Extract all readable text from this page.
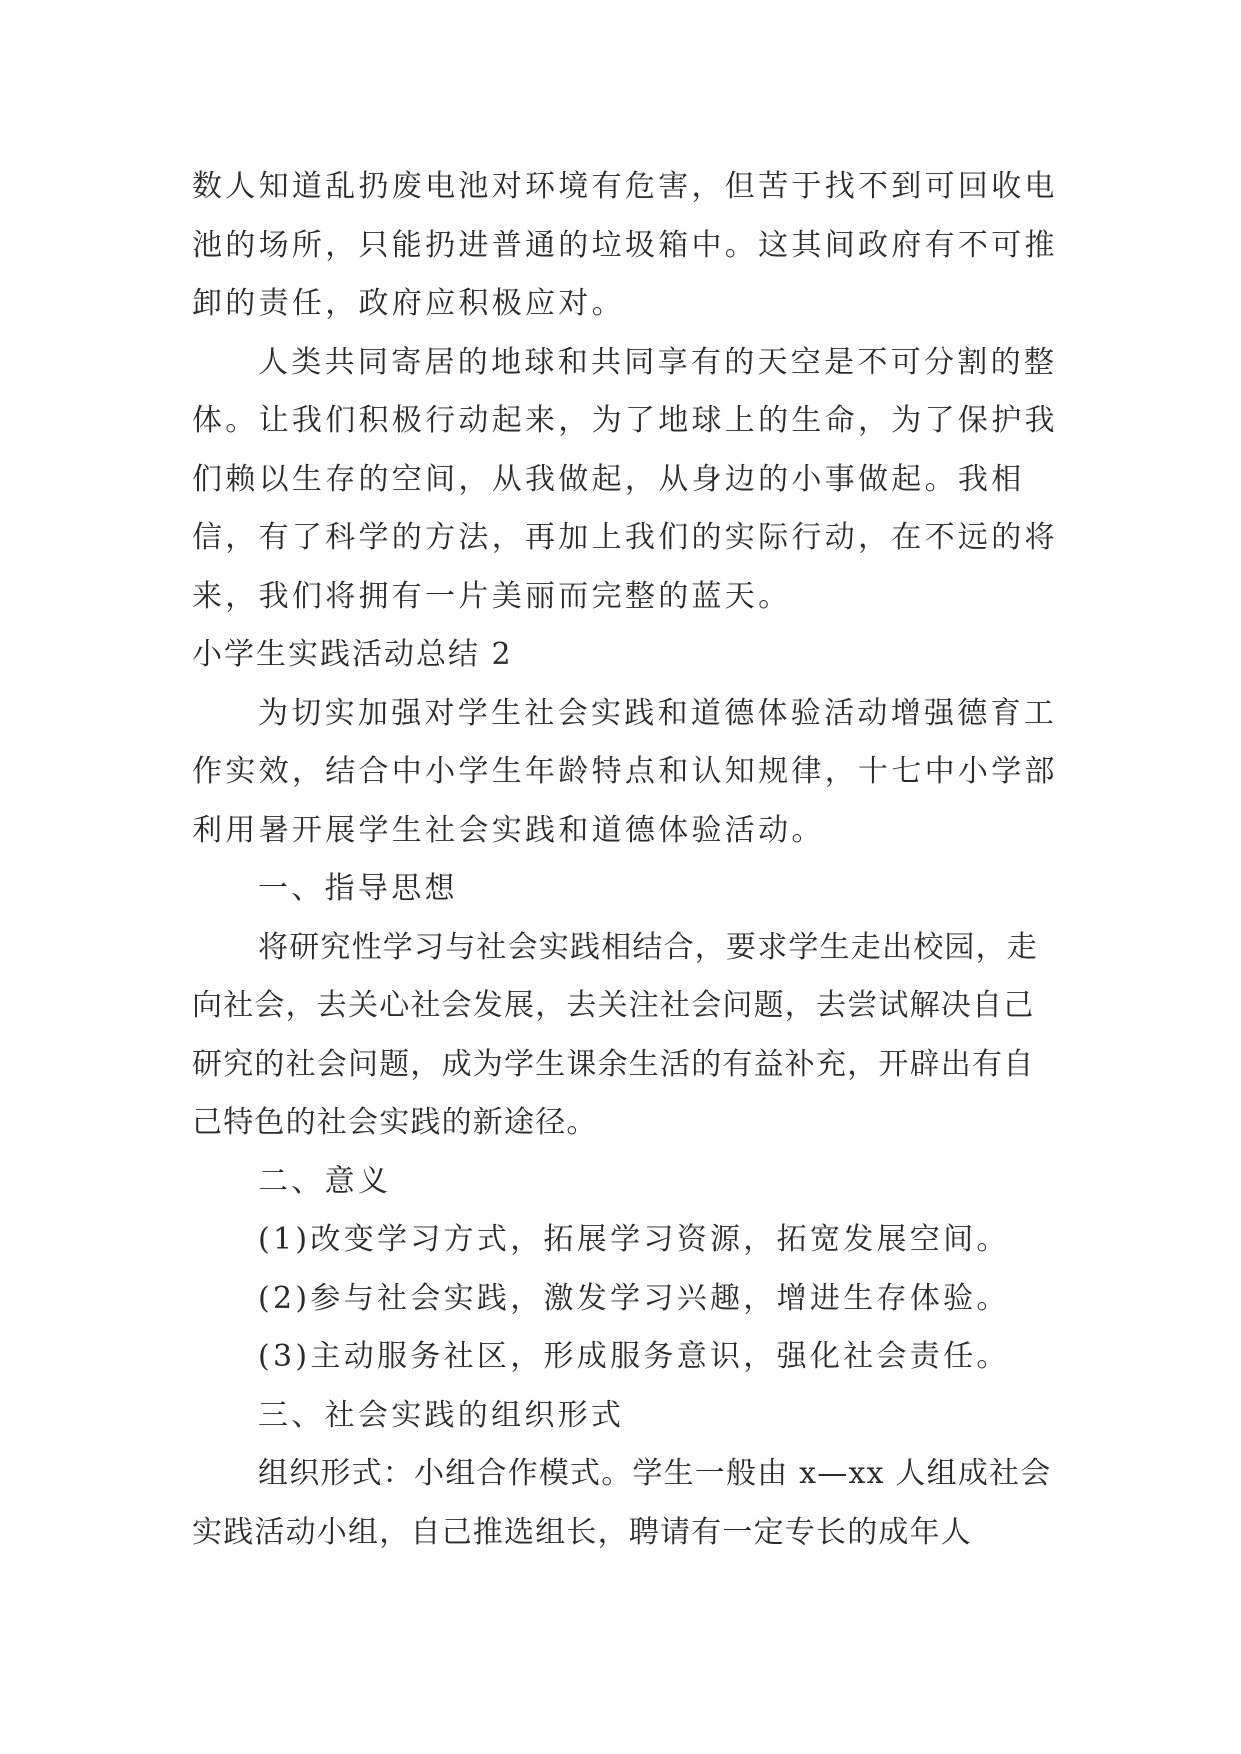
数人知道乱扔废电池对环境有危害，但苦于找不到可回收电池的场所，只能扔进普通的垃圾箱中。这其间政府有不可推卸的责任，政府应积极应对。

人类共同寄居的地球和共同享有的天空是不可分割的整体。让我们积极行动起来，为了地球上的生命，为了保护我们赖以生存的空间，从我做起，从身边的小事做起。我相信，有了科学的方法，再加上我们的实际行动，在不远的将来，我们将拥有一片美丽而完整的蓝天。

小学生实践活动总结 2

为切实加强对学生社会实践和道德体验活动增强德育工作实效，结合中小学生年龄特点和认知规律，十七中小学部利用暑开展学生社会实践和道德体验活动。

一、指导思想

将研究性学习与社会实践相结合，要求学生走出校园，走向社会，去关心社会发展，去关注社会问题，去尝试解决自己研究的社会问题，成为学生课余生活的有益补充，开辟出有自己特色的社会实践的新途径。

二、意义

(1)改变学习方式，拓展学习资源，拓宽发展空间。

(2)参与社会实践，激发学习兴趣，增进生存体验。

(3)主动服务社区，形成服务意识，强化社会责任。

三、社会实践的组织形式

组织形式：小组合作模式。学生一般由 x—xx 人组成社会实践活动小组，自己推选组长，聘请有一定专长的成年人
